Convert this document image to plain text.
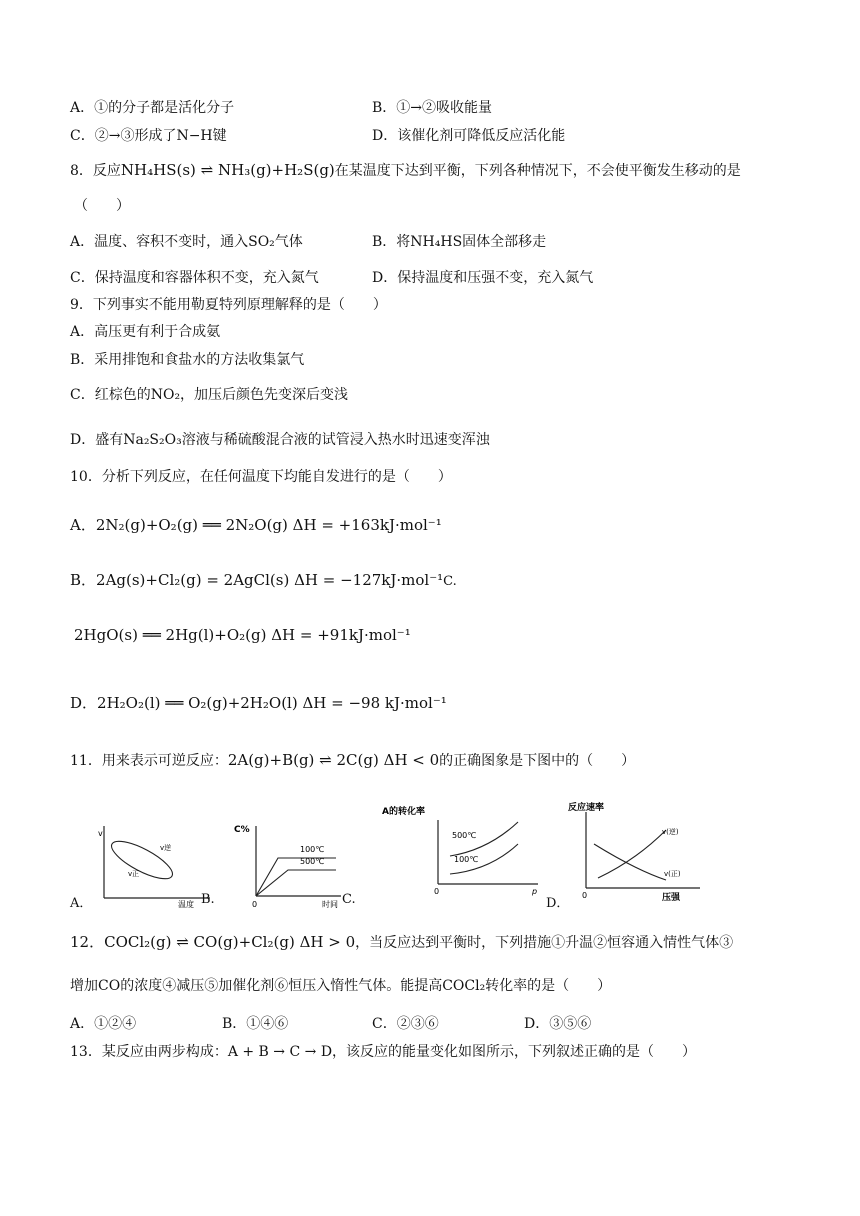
A．①的分子都是活化分子	B．①→②吸收能量
C．②→③形成了N−H键	D．该催化剂可降低反应活化能
8．反应NH₄HS(s) ⇌ NH₃(g)+H₂S(g)在某温度下达到平衡，下列各种情况下，不会使平衡发生移动的是
（　　）
A．温度、容积不变时，通入SO₂气体	B．将NH₄HS固体全部移走
C．保持温度和容器体积不变，充入氮气	D．保持温度和压强不变，充入氮气
9．下列事实不能用勒夏特列原理解释的是（　　）
A．高压更有利于合成氨
B．采用排饱和食盐水的方法收集氯气
C．红棕色的NO₂，加压后颜色先变深后变浅
D．盛有Na₂S₂O₃溶液与稀硫酸混合液的试管浸入热水时迅速变浑浊
10．分析下列反应，在任何温度下均能自发进行的是（　　）
A．2N₂(g)+O₂(g) ══ 2N₂O(g) ΔH = +163kJ·mol⁻¹
B．2Ag(s)+Cl₂(g) = 2AgCl(s) ΔH = −127kJ·mol⁻¹C.
2HgO(s) ══ 2Hg(l)+O₂(g) ΔH = +91kJ·mol⁻¹
D．2H₂O₂(l) ══ O₂(g)+2H₂O(l) ΔH = −98 kJ·mol⁻¹
11．用来表示可逆反应：2A(g)+B(g) ⇌ 2C(g) ΔH < 0的正确图象是下图中的（　　）
v
v逆
v正
温度
A．	B.
C%
100℃
500℃
0	时间 C.
A的转化率
500℃
100℃
0	p
D．
反应速率
v(逆)
v(正)
0	压强
12．COCl₂(g) ⇌ CO(g)+Cl₂(g) ΔH > 0，当反应达到平衡时，下列措施①升温②恒容通入情性气体③
增加CO的浓度④减压⑤加催化剂⑥恒压入惰性气体。能提高COCl₂转化率的是（　　）
A．①②④	B．①④⑥	C．②③⑥	D．③⑤⑥
13．某反应由两步构成：A + B → C → D，该反应的能量变化如图所示，下列叙述正确的是（　　）
